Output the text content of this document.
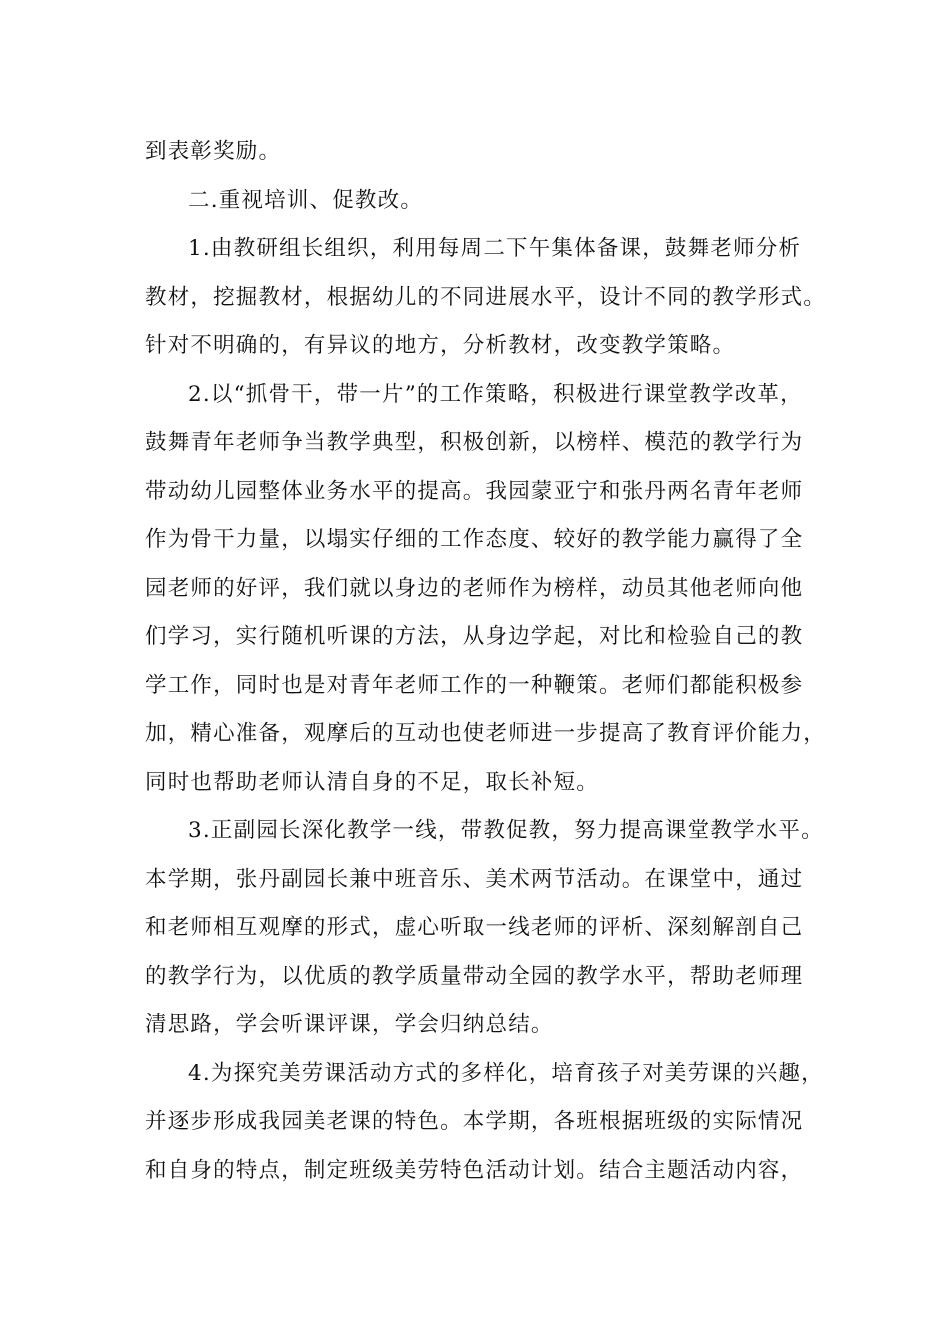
到表彰奖励。

二.重视培训、促教改。

1.由教研组长组织，利用每周二下午集体备课，鼓舞老师分析
教材，挖掘教材，根据幼儿的不同进展水平，设计不同的教学形式。
针对不明确的，有异议的地方，分析教材，改变教学策略。

2.以“抓骨干，带一片”的工作策略，积极进行课堂教学改革，
鼓舞青年老师争当教学典型，积极创新，以榜样、模范的教学行为
带动幼儿园整体业务水平的提高。我园蒙亚宁和张丹两名青年老师
作为骨干力量，以塌实仔细的工作态度、较好的教学能力赢得了全
园老师的好评，我们就以身边的老师作为榜样，动员其他老师向他
们学习，实行随机听课的方法，从身边学起，对比和检验自己的教
学工作，同时也是对青年老师工作的一种鞭策。老师们都能积极参
加，精心准备，观摩后的互动也使老师进一步提高了教育评价能力，
同时也帮助老师认清自身的不足，取长补短。

3.正副园长深化教学一线，带教促教，努力提高课堂教学水平。
本学期，张丹副园长兼中班音乐、美术两节活动。在课堂中，通过
和老师相互观摩的形式，虚心听取一线老师的评析、深刻解剖自己
的教学行为，以优质的教学质量带动全园的教学水平，帮助老师理
清思路，学会听课评课，学会归纳总结。

4.为探究美劳课活动方式的多样化，培育孩子对美劳课的兴趣，
并逐步形成我园美老课的特色。本学期，各班根据班级的实际情况
和自身的特点，制定班级美劳特色活动计划。结合主题活动内容，
